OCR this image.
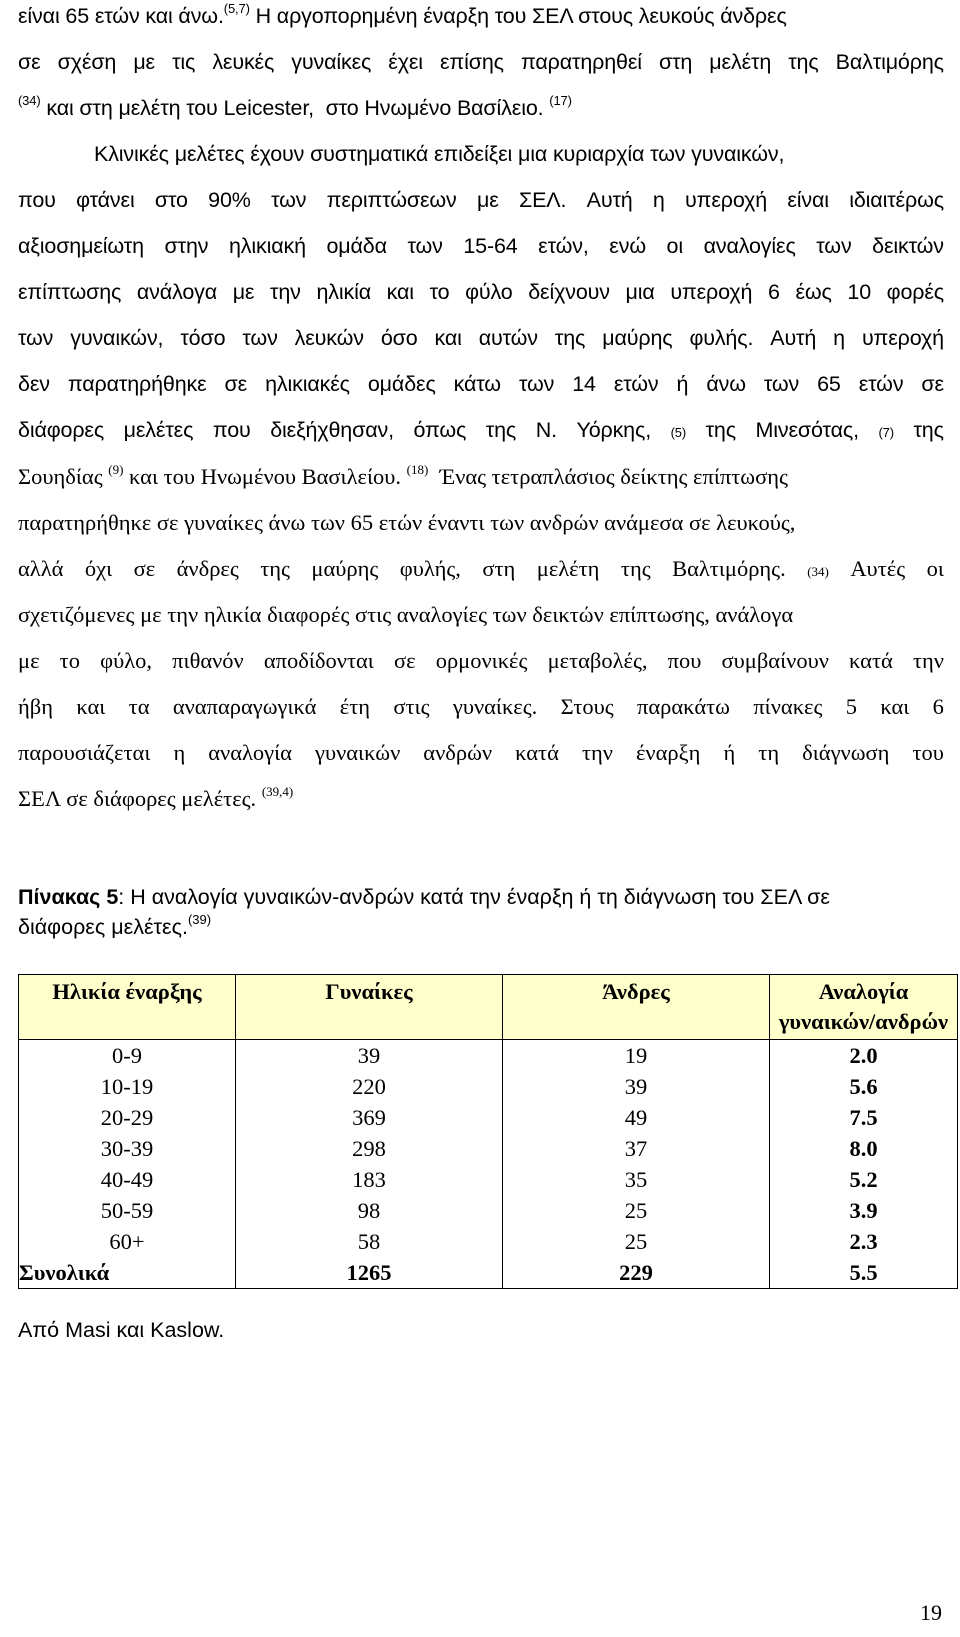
είναι 65 ετών και άνω.$^{(5,7)}$ Η αργοπορημένη έναρξη του ΣΕΛ στους λευκούς άνδρες
σε σχέση με τις λευκές γυναίκες έχει επίσης παρατηρηθεί στη μελέτη της Βαλτιμόρης
$^{(34)}$ και στη μελέτη του Leicester,  στο Ηνωμένο Βασίλειο. $^{(17)}$
Κλινικές μελέτες έχουν συστηματικά επιδείξει μια κυριαρχία των γυναικών,
που φτάνει στο 90% των περιπτώσεων με ΣΕΛ. Αυτή η υπεροχή είναι ιδιαιτέρως
αξιοσημείωτη στην ηλικιακή ομάδα των 15-64 ετών, ενώ οι αναλογίες των δεικτών
επίπτωσης ανάλογα με την ηλικία και το φύλο δείχνουν μια υπεροχή 6 έως 10 φορές
των γυναικών, τόσο των λευκών όσο και αυτών της μαύρης φυλής. Αυτή η υπεροχή
δεν παρατηρήθηκε σε ηλικιακές ομάδες κάτω των 14 ετών ή άνω των 65 ετών σε
διάφορες μελέτες που διεξήχθησαν, όπως της Ν. Υόρκης, (5) της Μινεσότας, (7) της
Σουηδίας $^{(9)}$ και του Ηνωμένου Βασιλείου. $^{(18)}$  Ένας τετραπλάσιος δείκτης επίπτωσης
παρατηρήθηκε σε γυναίκες άνω των 65 ετών έναντι των ανδρών ανάμεσα σε λευκούς,
αλλά όχι σε άνδρες της μαύρης φυλής, στη μελέτη της Βαλτιμόρης. (34) Αυτές οι
σχετιζόμενες με την ηλικία διαφορές στις αναλογίες των δεικτών επίπτωσης, ανάλογα
με το φύλο, πιθανόν αποδίδονται σε ορμονικές μεταβολές, που συμβαίνουν κατά την
ήβη και τα αναπαραγωγικά έτη στις γυναίκες. Στους παρακάτω πίνακες 5 και 6
παρουσιάζεται η αναλογία γυναικών ανδρών κατά την έναρξη ή τη διάγνωση του
ΣΕΛ σε διάφορες μελέτες. $^{(39,4)}$
Πίνακας 5: Η αναλογία γυναικών-ανδρών κατά την έναρξη ή τη διάγνωση του ΣΕΛ σε διάφορες μελέτες.$^{(39)}$
Ηλικία έναρξης	Γυναίκες	Άνδρες	Αναλογία γυναικών/ανδρών
0-9	39	19	2.0
10-19	220	39	5.6
20-29	369	49	7.5
30-39	298	37	8.0
40-49	183	35	5.2
50-59	98	25	3.9
60+	58	25	2.3
Συνολικά	1265	229	5.5
Από Masi και Kaslow.
19
